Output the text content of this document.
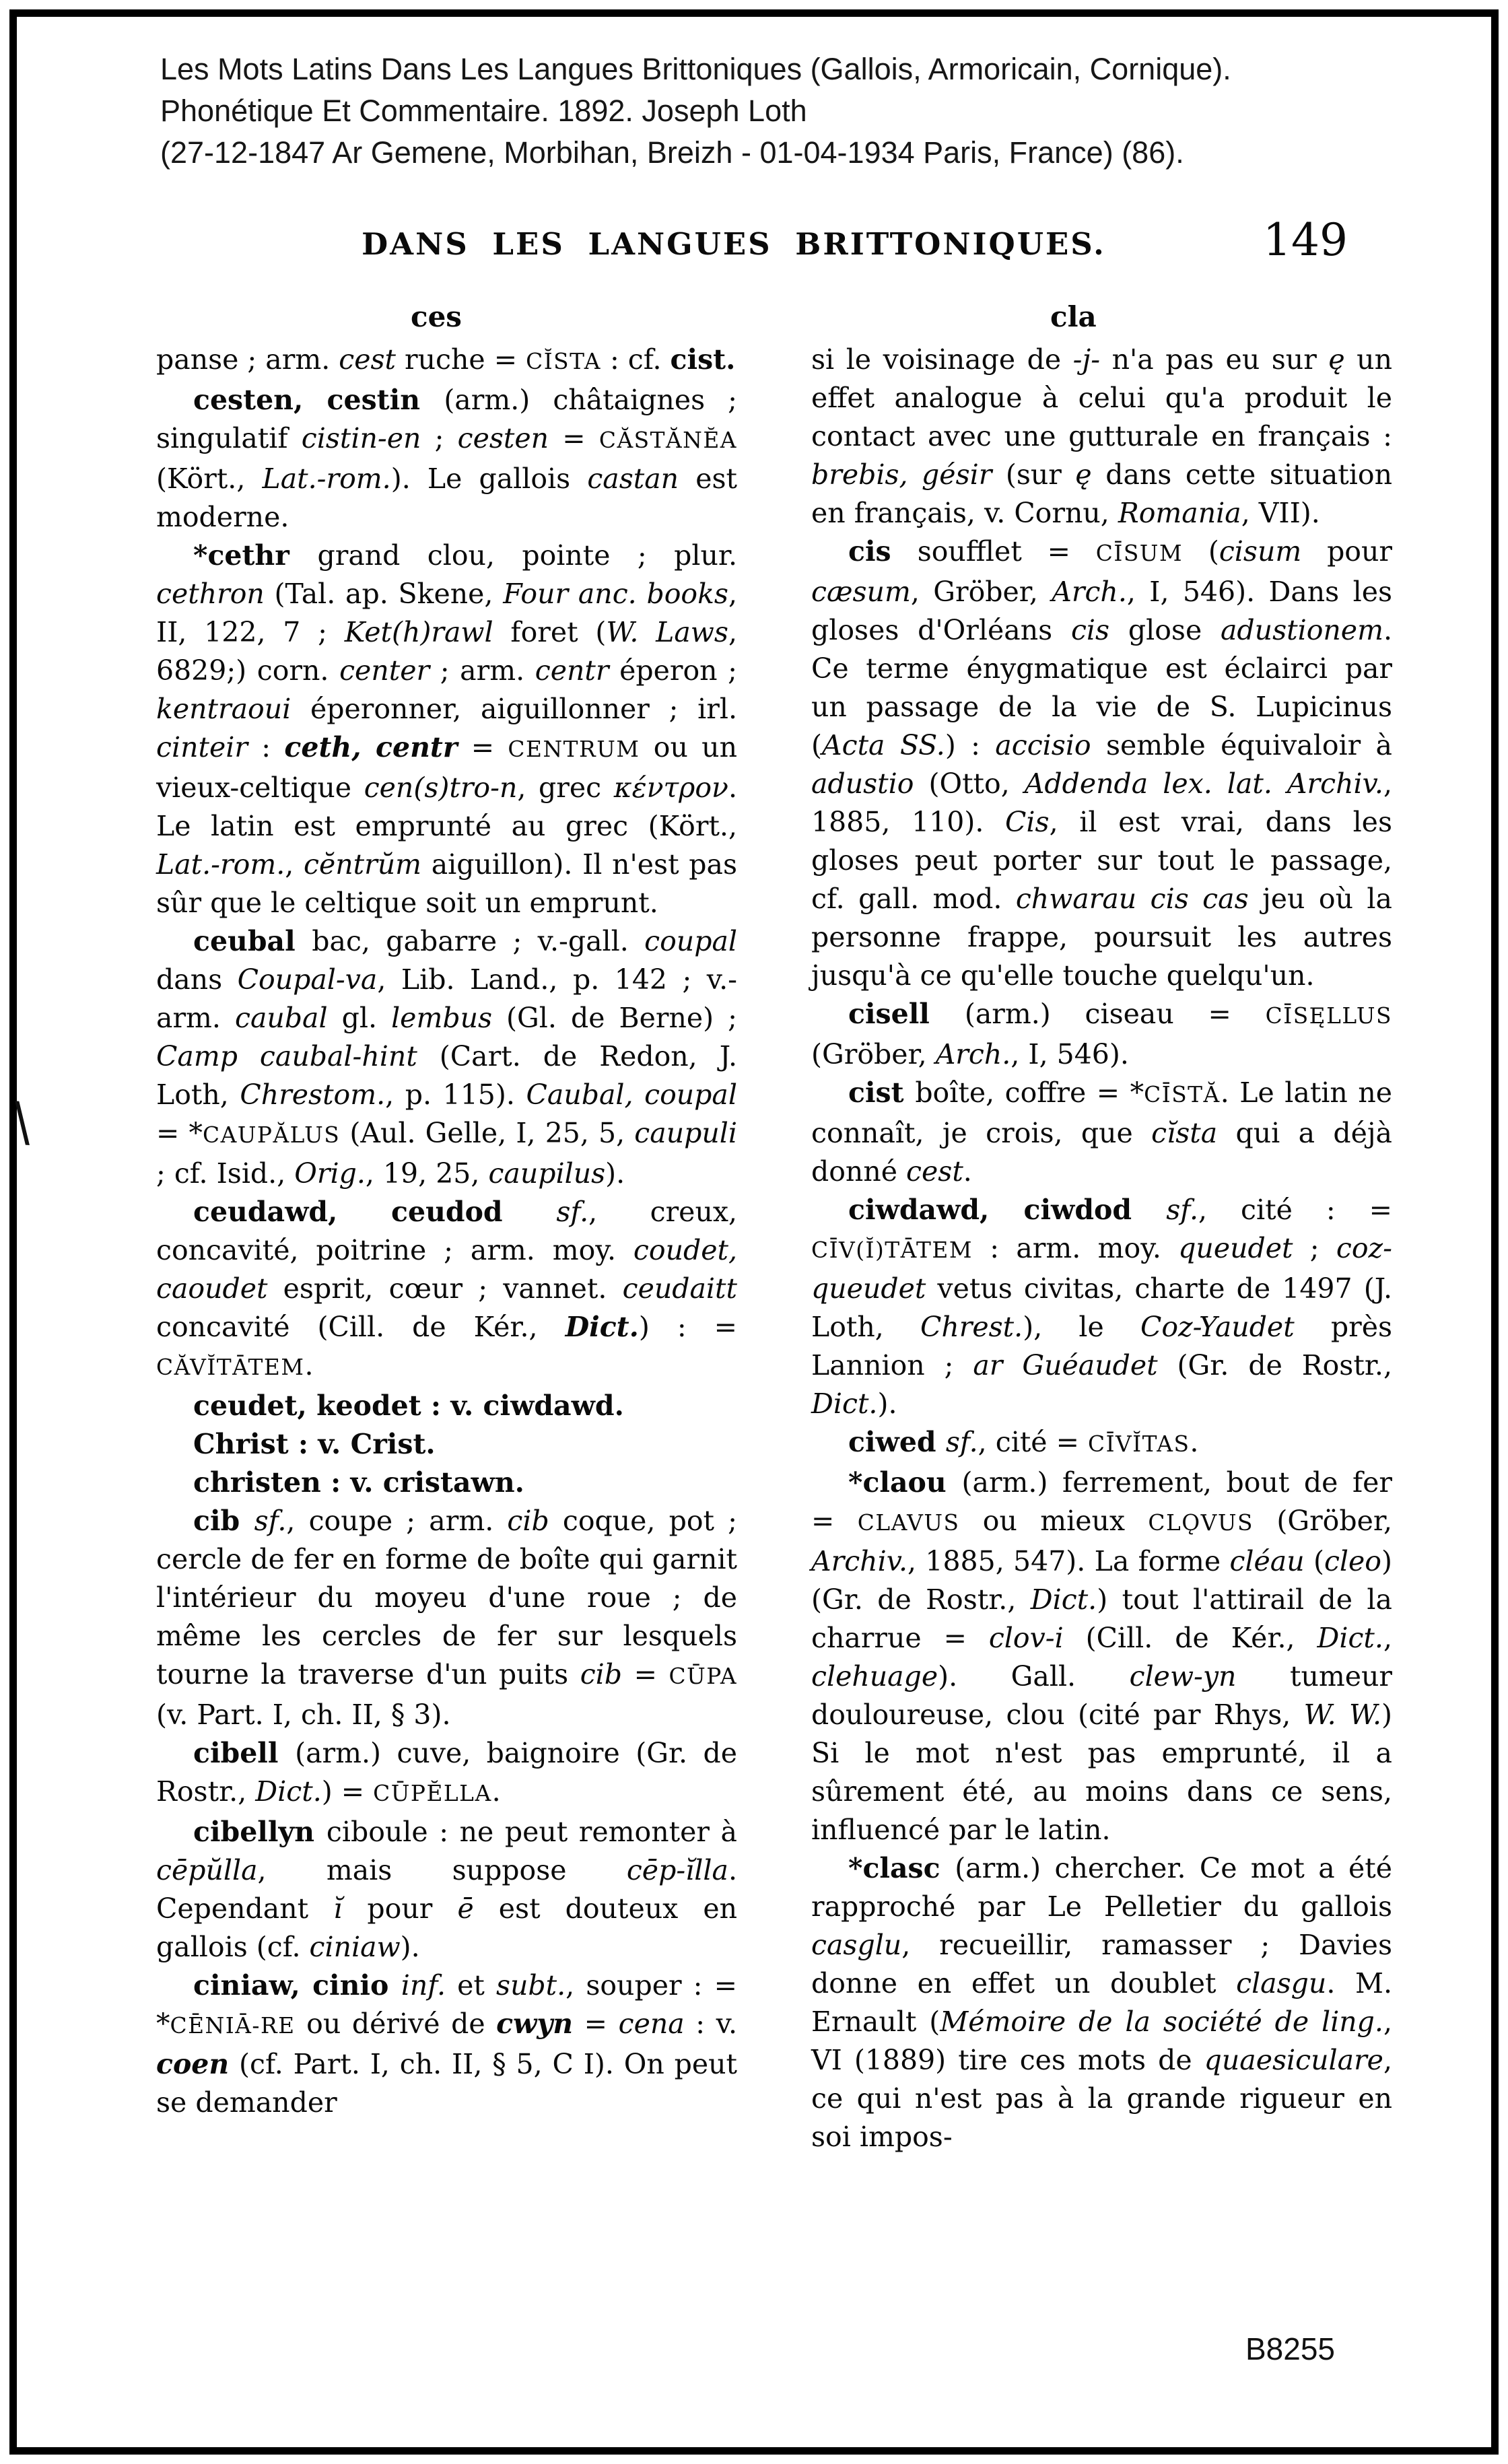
Les Mots Latins Dans Les Langues Brittoniques (Gallois, Armoricain, Cornique).
Phonétique Et Commentaire. 1892. Joseph Loth
(27-12-1847 Ar Gemene, Morbihan, Breizh - 01-04-1934 Paris, France) (86).
DANS LES LANGUES BRITTONIQUES.	149
ces	cla
\

panse ; arm. cest ruche = CĬSTA : cf. cist.

cesten, cestin (arm.) châtaignes ; singulatif cistin-en ; cesten = CĂSTĂNĔA (Kört., Lat.-rom.). Le gallois castan est moderne.

*cethr grand clou, pointe ; plur. cethron (Tal. ap. Skene, Four anc. books, II, 122, 7 ; Ket(h)rawl foret (W. Laws, 6829;) corn. center ; arm. centr éperon ; kentraoui éperonner, aiguillonner ; irl. cinteir : ceth, centr = CENTRUM ou un vieux-celtique cen(s)tro-n, grec κέντρον. Le latin est emprunté au grec (Kört., Lat.-rom., cĕntrŭm aiguillon). Il n'est pas sûr que le celtique soit un emprunt.

ceubal bac, gabarre ; v.-gall. coupal dans Coupal-va, Lib. Land., p. 142 ; v.-arm. caubal gl. lembus (Gl. de Berne) ; Camp caubal-hint (Cart. de Redon, J. Loth, Chrestom., p. 115). Caubal, coupal = *CAUPĂLUS (Aul. Gelle, I, 25, 5, caupuli ; cf. Isid., Orig., 19, 25, caupilus).

ceudawd, ceudod sf., creux, concavité, poitrine ; arm. moy. coudet, caoudet esprit, cœur ; vannet. ceudaitt concavité (Cill. de Kér., Dict.) : = CĂVĬTĀTEM.

ceudet, keodet : v. ciwdawd.

Christ : v. Crist.

christen : v. cristawn.

cib sf., coupe ; arm. cib coque, pot ; cercle de fer en forme de boîte qui garnit l'intérieur du moyeu d'une roue ; de même les cercles de fer sur lesquels tourne la traverse d'un puits cib = CŪPA (v. Part. I, ch. II, § 3).

cibell (arm.) cuve, baignoire (Gr. de Rostr., Dict.) = CŪPĔLLA.

cibellyn ciboule : ne peut remonter à cēpŭlla, mais suppose cēp-ĭlla. Cependant ĭ pour ē est douteux en gallois (cf. ciniaw).

ciniaw, cinio inf. et subt., souper : = *CĒNIĀ-RE ou dérivé de cwyn = cena : v. coen (cf. Part. I, ch. II, § 5, C I). On peut se demander

si le voisinage de -j- n'a pas eu sur ę un effet analogue à celui qu'a produit le contact avec une gutturale en français : brebis, gésir (sur ę dans cette situation en français, v. Cornu, Romania, VII).

cis soufflet = CĪSUM (cisum pour cæsum, Gröber, Arch., I, 546). Dans les gloses d'Orléans cis glose adustionem. Ce terme énygmatique est éclairci par un passage de la vie de S. Lupicinus (Acta SS.) : accisio semble équivaloir à adustio (Otto, Addenda lex. lat. Archiv., 1885, 110). Cis, il est vrai, dans les gloses peut porter sur tout le passage, cf. gall. mod. chwarau cis cas jeu où la personne frappe, poursuit les autres jusqu'à ce qu'elle touche quelqu'un.

cisell (arm.) ciseau = CĪSĘLLUS (Gröber, Arch., I, 546).

cist boîte, coffre = *CĪSTĂ. Le latin ne connaît, je crois, que cĭsta qui a déjà donné cest.

ciwdawd, ciwdod sf., cité : = CĪV(Ĭ)TĀTEM : arm. moy. queudet ; coz-queudet vetus civitas, charte de 1497 (J. Loth, Chrest.), le Coz-Yaudet près Lannion ; ar Guéaudet (Gr. de Rostr., Dict.).

ciwed sf., cité = CĪVĬTAS.

*claou (arm.) ferrement, bout de fer = CLAVUS ou mieux CLǪVUS (Gröber, Archiv., 1885, 547). La forme cléau (cleo) (Gr. de Rostr., Dict.) tout l'attirail de la charrue = clov-i (Cill. de Kér., Dict., clehuage). Gall. clew-yn tumeur douloureuse, clou (cité par Rhys, W. W.) Si le mot n'est pas emprunté, il a sûrement été, au moins dans ce sens, influencé par le latin.

*clasc (arm.) chercher. Ce mot a été rapproché par Le Pelletier du gallois casglu, recueillir, ramasser ; Davies donne en effet un doublet clasgu. M. Ernault (Mémoire de la société de ling., VI (1889) tire ces mots de quaesiculare, ce qui n'est pas à la grande rigueur en soi impos-

B8255
